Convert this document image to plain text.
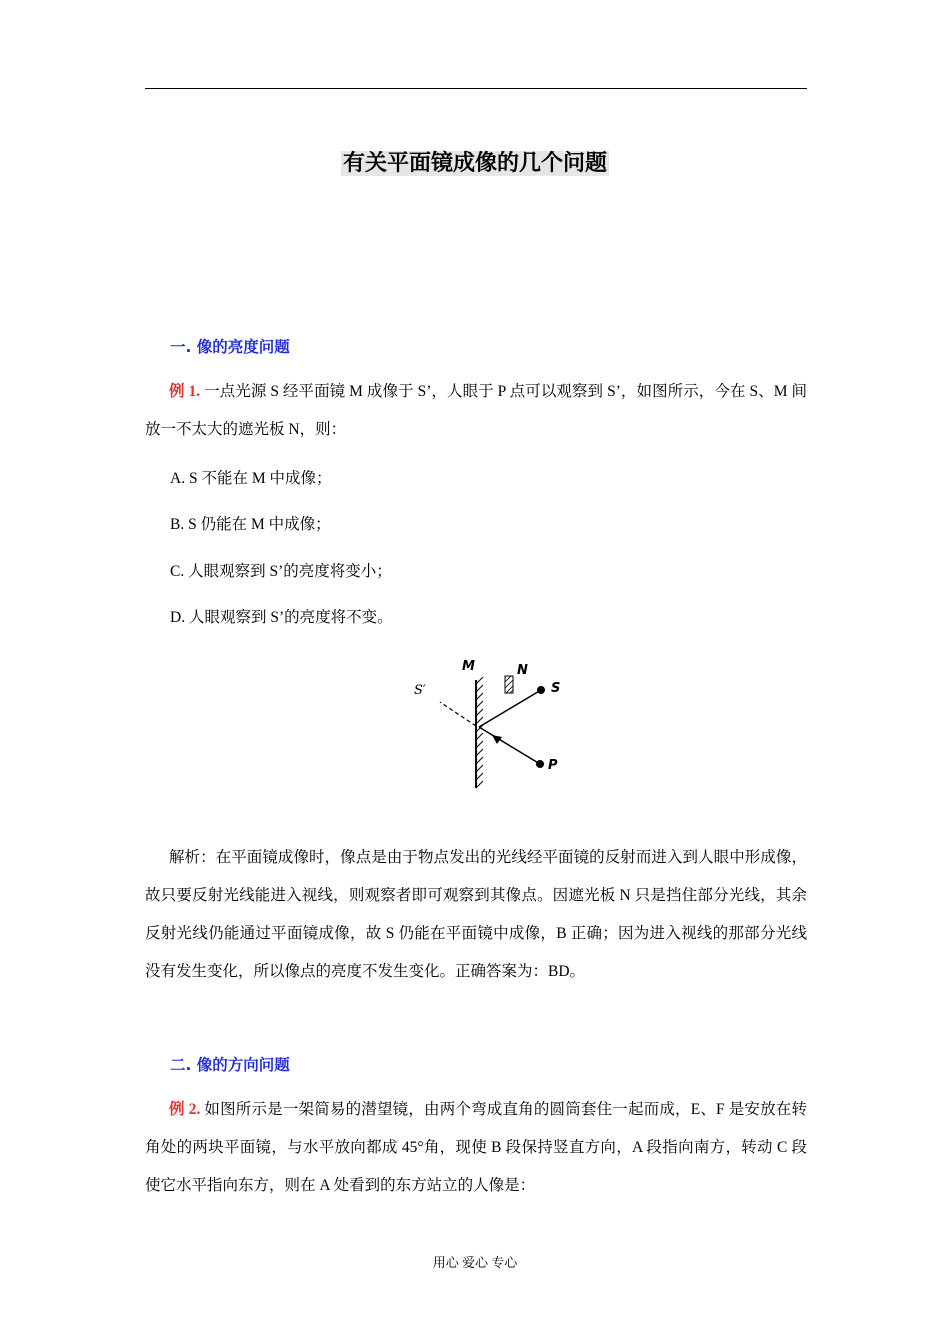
有关平面镜成像的几个问题
一. 像的亮度问题
例 1. 一点光源 S 经平面镜 M 成像于 S’，人眼于 P 点可以观察到 S’，如图所示，今在 S、M 间放一不太大的遮光板 N，则：
A. S 不能在 M 中成像；
B. S 仍能在 M 中成像；
C. 人眼观察到 S’的亮度将变小；
D. 人眼观察到 S’的亮度将不变。
S′
M	N
S
P
解析：在平面镜成像时，像点是由于物点发出的光线经平面镜的反射而进入到人眼中形成像，故只要反射光线能进入视线，则观察者即可观察到其像点。因遮光板 N 只是挡住部分光线，其余反射光线仍能通过平面镜成像，故 S 仍能在平面镜中成像，B 正确；因为进入视线的那部分光线没有发生变化，所以像点的亮度不发生变化。正确答案为：BD。
二. 像的方向问题
例 2. 如图所示是一架简易的潜望镜，由两个弯成直角的圆筒套住一起而成，E、F 是安放在转角处的两块平面镜，与水平放向都成 45°角，现使 B 段保持竖直方向，A 段指向南方，转动 C 段使它水平指向东方，则在 A 处看到的东方站立的人像是：
用心 爱心 专心
